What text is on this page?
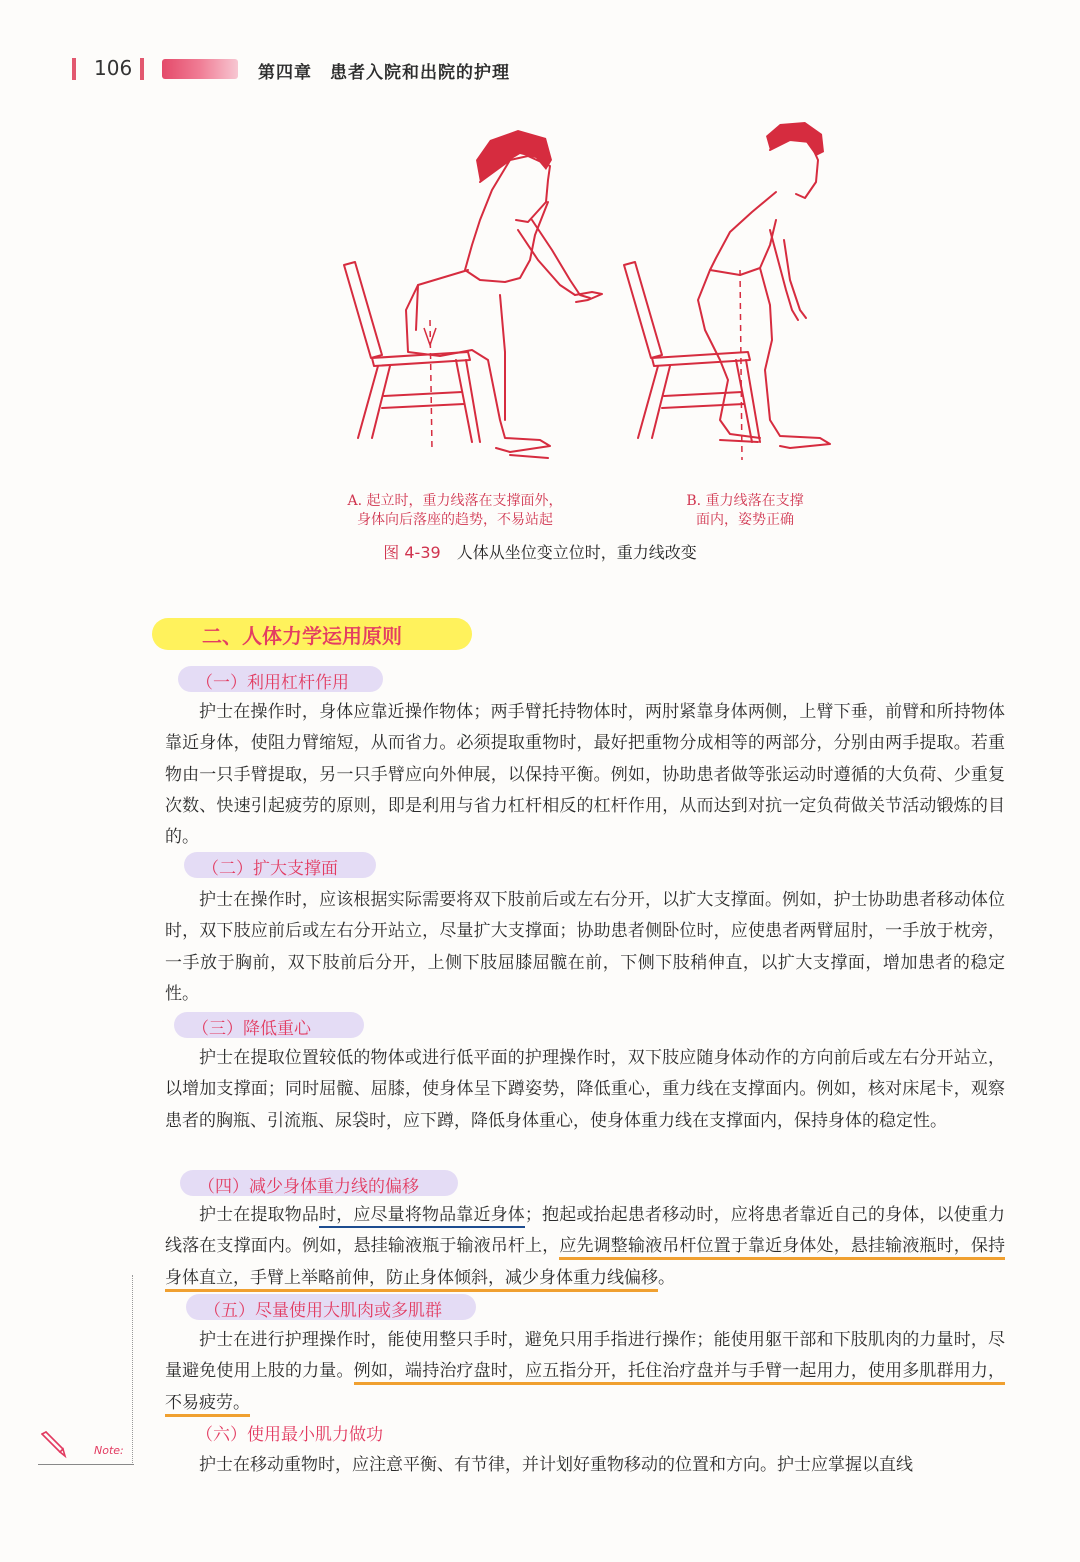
106	第四章　患者入院和出院的护理
A. 起立时，重力线落在支撑面外，
身体向后落座的趋势，不易站起
B. 重力线落在支撑
面内，姿势正确
图 4-39 人体从坐位变立位时，重力线改变
二、人体力学运用原则
（一）利用杠杆作用
护士在操作时，身体应靠近操作物体；两手臂托持物体时，两肘紧靠身体两侧，上臂下垂，前臂和所持物体靠近身体，使阻力臂缩短，从而省力。必须提取重物时，最好把重物分成相等的两部分，分别由两手提取。若重物由一只手臂提取，另一只手臂应向外伸展，以保持平衡。例如，协助患者做等张运动时遵循的大负荷、少重复次数、快速引起疲劳的原则，即是利用与省力杠杆相反的杠杆作用，从而达到对抗一定负荷做关节活动锻炼的目的。
（二）扩大支撑面
护士在操作时，应该根据实际需要将双下肢前后或左右分开，以扩大支撑面。例如，护士协助患者移动体位时，双下肢应前后或左右分开站立，尽量扩大支撑面；协助患者侧卧位时，应使患者两臂屈肘，一手放于枕旁，一手放于胸前，双下肢前后分开，上侧下肢屈膝屈髋在前，下侧下肢稍伸直，以扩大支撑面，增加患者的稳定性。
（三）降低重心
护士在提取位置较低的物体或进行低平面的护理操作时，双下肢应随身体动作的方向前后或左右分开站立，以增加支撑面；同时屈髋、屈膝，使身体呈下蹲姿势，降低重心，重力线在支撑面内。例如，核对床尾卡，观察患者的胸瓶、引流瓶、尿袋时，应下蹲，降低身体重心，使身体重力线在支撑面内，保持身体的稳定性。
（四）减少身体重力线的偏移
护士在提取物品时，应尽量将物品靠近身体；抱起或抬起患者移动时，应将患者靠近自己的身体，以使重力线落在支撑面内。例如，悬挂输液瓶于输液吊杆上，应先调整输液吊杆位置于靠近身体处，悬挂输液瓶时，保持身体直立，手臂上举略前伸，防止身体倾斜，减少身体重力线偏移。
（五）尽量使用大肌肉或多肌群
护士在进行护理操作时，能使用整只手时，避免只用手指进行操作；能使用躯干部和下肢肌肉的力量时，尽量避免使用上肢的力量。例如，端持治疗盘时，应五指分开，托住治疗盘并与手臂一起用力，使用多肌群用力，不易疲劳。
（六）使用最小肌力做功
护士在移动重物时，应注意平衡、有节律，并计划好重物移动的位置和方向。护士应掌握以直线
Note:
